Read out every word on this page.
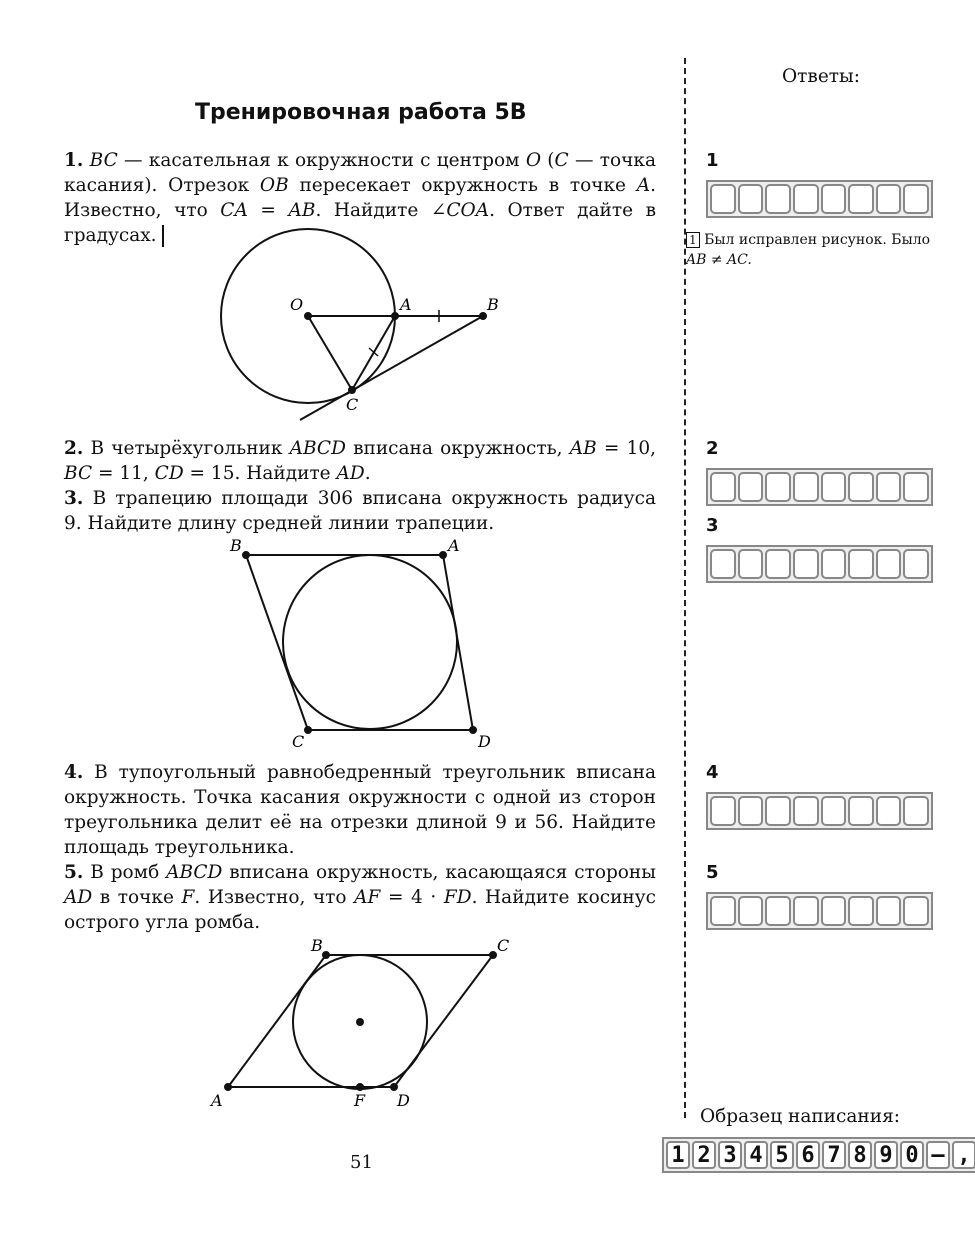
Тренировочная работа 5В
1. BC — касательная к окружности с центром O (C — точка касания). Отрезок OB пересекает окружность в точке A. Известно, что CA = AB. Найдите ∠COA. Ответ дайте в градусах.
O	A	B
C
B	A
C	D
B	C
A	F D
2. В четырёхугольник ABCD вписана окружность, AB = 10, BC = 11, CD = 15. Найдите AD.
3. В трапецию площади 306 вписана окружность радиуса 9. Найдите длину средней линии трапеции.
4. В тупоугольный равнобедренный треугольник вписана окружность. Точка касания окружности с одной из сторон треугольника делит её на отрезки длиной 9 и 56. Найдите площадь треугольника.
5. В ромб ABCD вписана окружность, касающаяся стороны AD в точке F. Известно, что AF = 4 · FD. Найдите косинус острого угла ромба.
Ответы:
1
2
3
4
5
1 Был исправлен рисунок. Было
AB ≠ AC.
Образец написания:
1 2 3 4 5 6 7 8 9 0 – ,
51
